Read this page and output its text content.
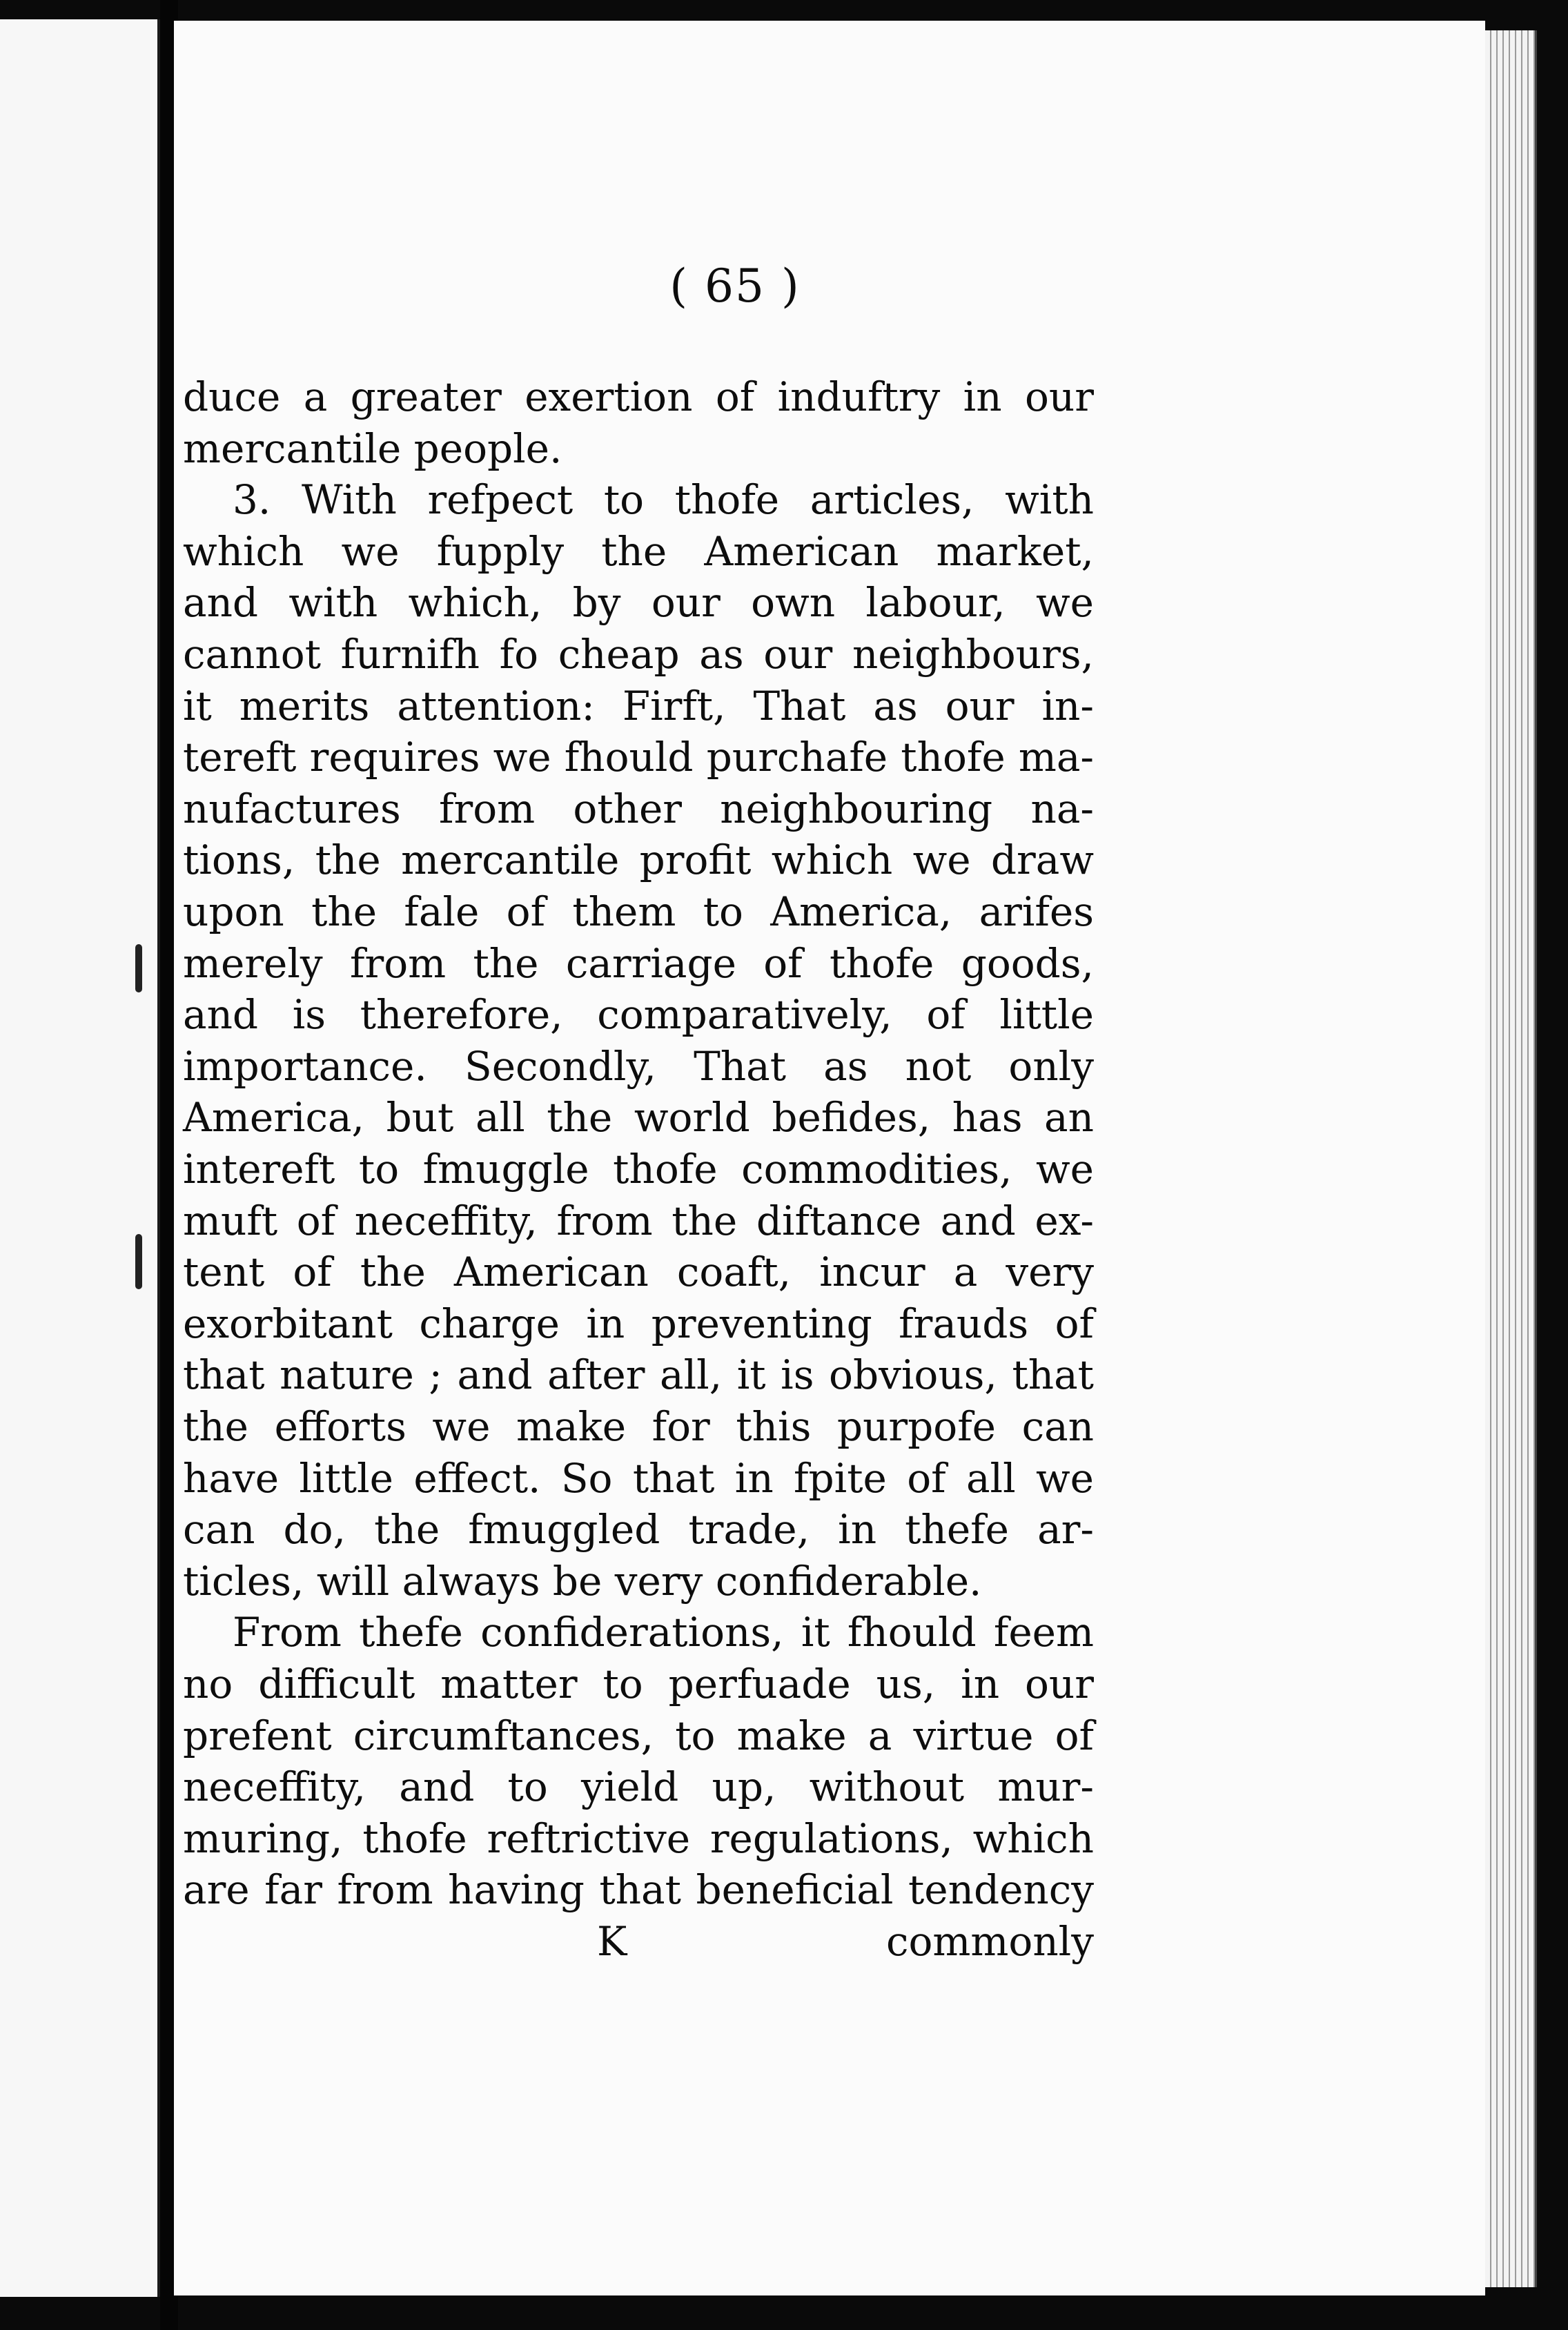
( 65 )
duce a greater exertion of induftry in our
mercantile people.
3. With refpect to thofe articles, with
which we fupply the American market,
and with which, by our own labour, we
cannot furnifh fo cheap as our neighbours,
it merits attention: Firft, That as our in-
tereft requires we fhould purchafe thofe ma-
nufactures from other neighbouring na-
tions, the mercantile profit which we draw
upon the fale of them to America, arifes
merely from the carriage of thofe goods,
and is therefore, comparatively, of little
importance. Secondly, That as not only
America, but all the world befides, has an
intereft to fmuggle thofe commodities, we
muft of neceffity, from the diftance and ex-
tent of the American coaft, incur a very
exorbitant charge in preventing frauds of
that nature ; and after all, it is obvious, that
the efforts we make for this purpofe can
have little effect. So that in fpite of all we
can do, the fmuggled trade, in thefe ar-
ticles, will always be very confiderable.
From thefe confiderations, it fhould feem
no difficult matter to perfuade us, in our
prefent circumftances, to make a virtue of
neceffity, and to yield up, without mur-
muring, thofe reftrictive regulations, which
are far from having that beneficial tendency
K	commonly
